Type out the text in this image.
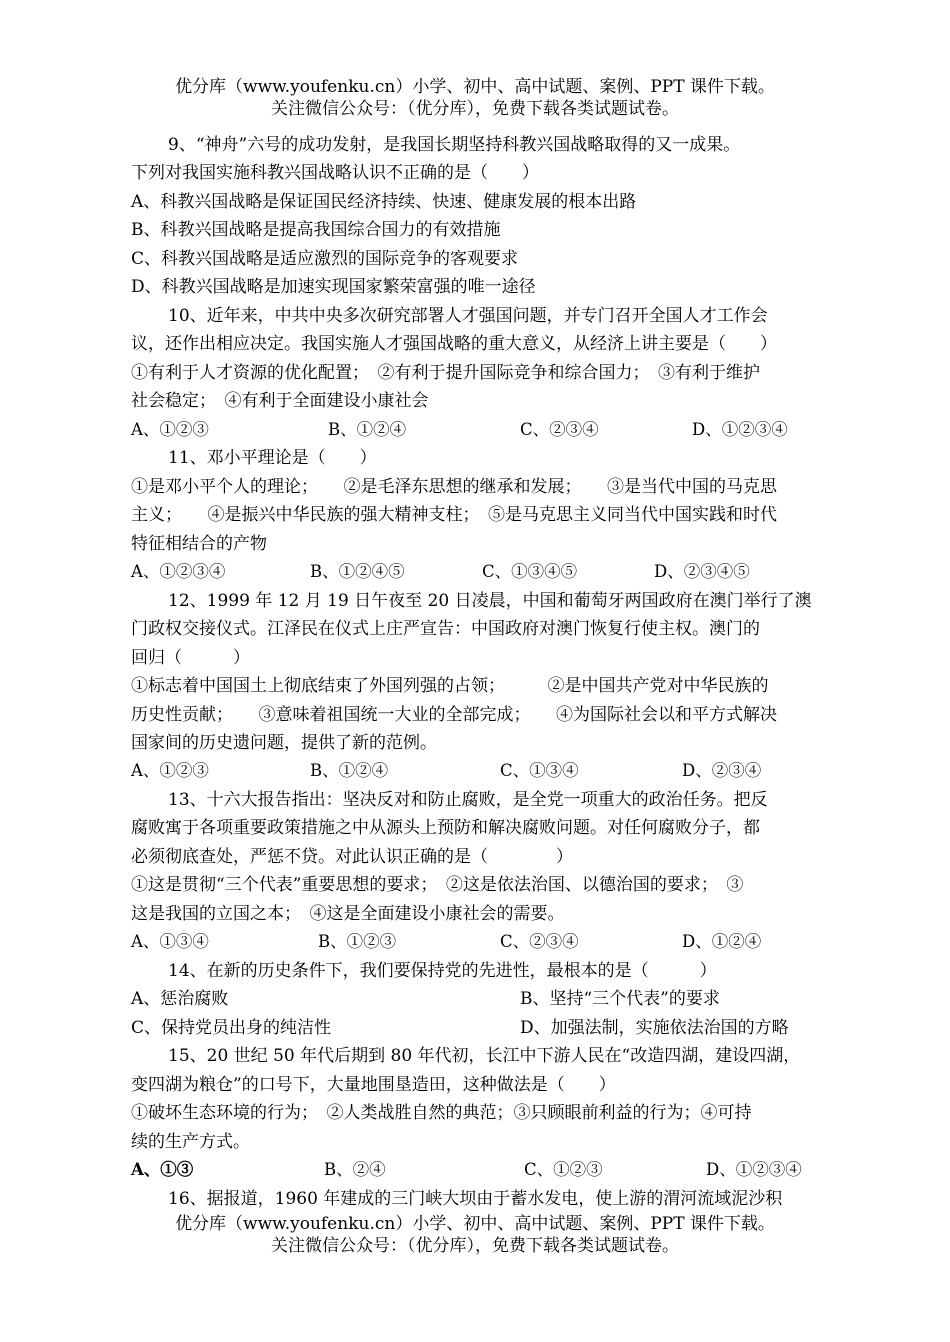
优分库（www.youfenku.cn）小学、初中、高中试题、案例、PPT 课件下载。
关注微信公众号：（优分库），免费下载各类试题试卷。
9、“神舟”六号的成功发射，是我国长期坚持科教兴国战略取得的又一成果。
下列对我国实施科教兴国战略认识不正确的是（　　）
A、科教兴国战略是保证国民经济持续、快速、健康发展的根本出路
B、科教兴国战略是提高我国综合国力的有效措施
C、科教兴国战略是适应激烈的国际竞争的客观要求
D、科教兴国战略是加速实现国家繁荣富强的唯一途径
10、近年来，中共中央多次研究部署人才强国问题，并专门召开全国人才工作会
议，还作出相应决定。我国实施人才强国战略的重大意义，从经济上讲主要是（　　）
①有利于人才资源的优化配置；　②有利于提升国际竞争和综合国力；　③有利于维护
社会稳定；　④有利于全面建设小康社会
A、①②③	B、①②④	C、②③④	D、①②③④
11、邓小平理论是（　　）
①是邓小平个人的理论；　　②是毛泽东思想的继承和发展；　　③是当代中国的马克思
主义；　　④是振兴中华民族的强大精神支柱；　⑤是马克思主义同当代中国实践和时代
特征相结合的产物
A、①②③④	B、①②④⑤	C、①③④⑤	D、②③④⑤
12、1999 年 12 月 19 日午夜至 20 日凌晨，中国和葡萄牙两国政府在澳门举行了澳
门政权交接仪式。江泽民在仪式上庄严宣告：中国政府对澳门恢复行使主权。澳门的
回归（　　　）
①标志着中国国土上彻底结束了外国列强的占领；　　　②是中国共产党对中华民族的
历史性贡献；　　③意味着祖国统一大业的全部完成；　　④为国际社会以和平方式解决
国家间的历史遗问题，提供了新的范例。
A、①②③	B、①②④	C、①③④	D、②③④
13、十六大报告指出：坚决反对和防止腐败，是全党一项重大的政治任务。把反
腐败寓于各项重要政策措施之中从源头上预防和解决腐败问题。对任何腐败分子，都
必须彻底查处，严惩不贷。对此认识正确的是（　　　　）
①这是贯彻“三个代表”重要思想的要求；　②这是依法治国、以德治国的要求；　③
这是我国的立国之本；　④这是全面建设小康社会的需要。
A、①③④	B、①②③	C、②③④	D、①②④
14、在新的历史条件下，我们要保持党的先进性，最根本的是（　　　）
A、惩治腐败	B、坚持“三个代表”的要求
C、保持党员出身的纯洁性	D、加强法制，实施依法治国的方略
15、20 世纪 50 年代后期到 80 年代初，长江中下游人民在“改造四湖，建设四湖，
变四湖为粮仓”的口号下，大量地围垦造田，这种做法是（　　）
①破坏生态环境的行为；　②人类战胜自然的典范；③只顾眼前利益的行为；④可持
续的生产方式。
A、①③	B、②④	C、①②③	D、①②③④
16、据报道，1960 年建成的三门峡大坝由于蓄水发电，使上游的渭河流域泥沙积
优分库（www.youfenku.cn）小学、初中、高中试题、案例、PPT 课件下载。
关注微信公众号：（优分库），免费下载各类试题试卷。
